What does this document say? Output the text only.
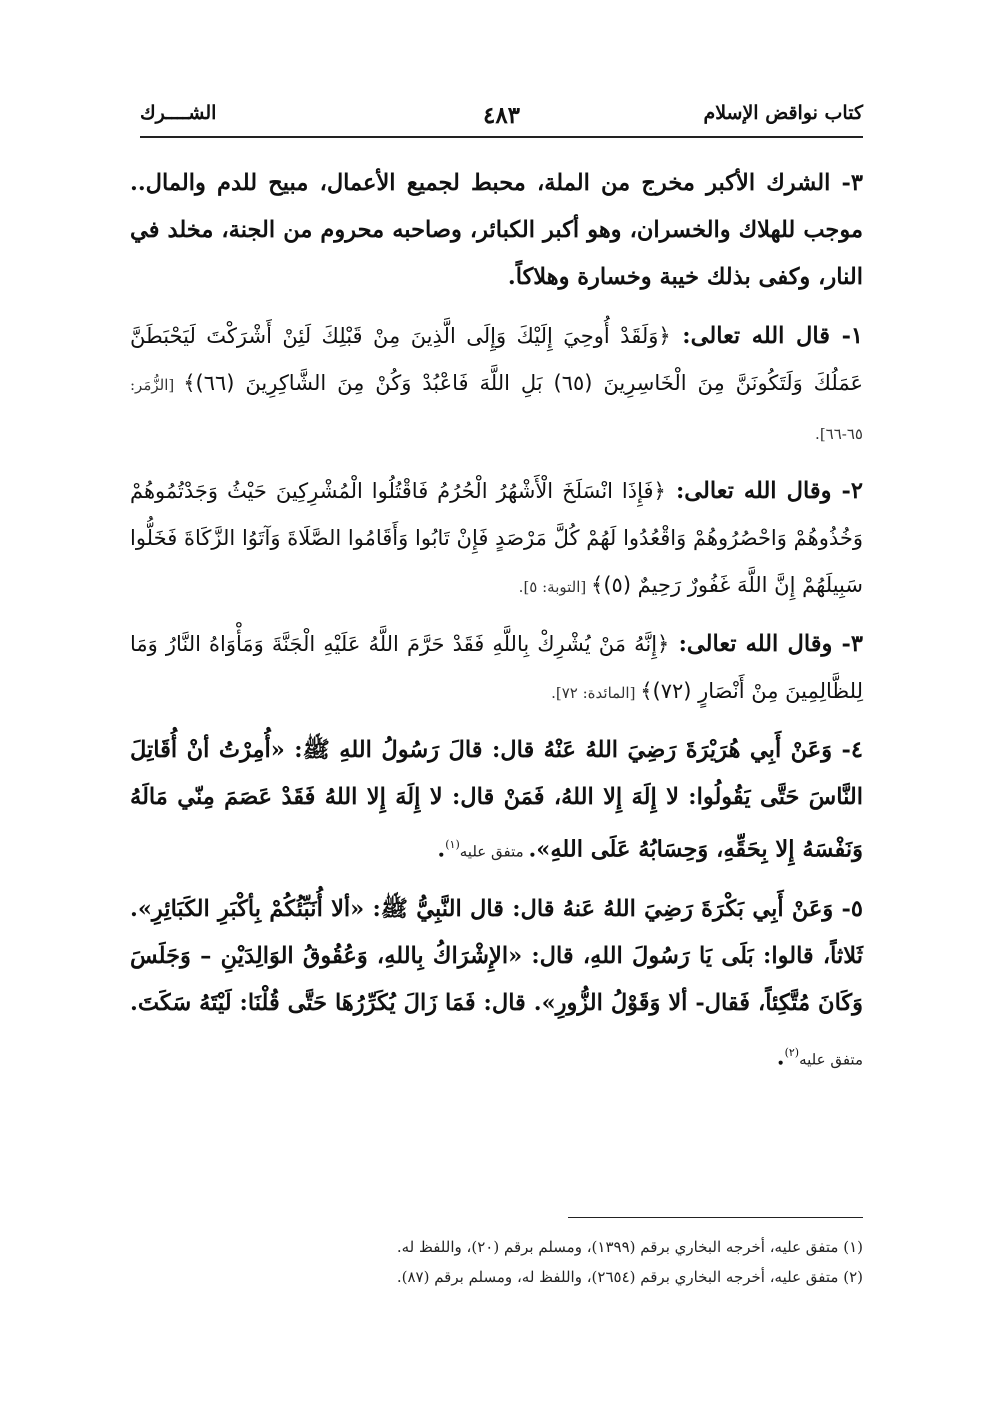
كتاب نواقض الإسلام
٤٨٣
الشــــرك

٣- الشرك الأكبر مخرج من الملة، محبط لجميع الأعمال، مبيح للدم والمال.. موجب للهلاك والخسران، وهو أكبر الكبائر، وصاحبه محروم من الجنة، مخلد في النار، وكفى بذلك خيبة وخسارة وهلاكاً.

١- قال الله تعالى: ﴿وَلَقَدْ أُوحِيَ إِلَيْكَ وَإِلَى الَّذِينَ مِنْ قَبْلِكَ لَئِنْ أَشْرَكْتَ لَيَحْبَطَنَّ عَمَلُكَ وَلَتَكُونَنَّ مِنَ الْخَاسِرِينَ (٦٥) بَلِ اللَّهَ فَاعْبُدْ وَكُنْ مِنَ الشَّاكِرِينَ (٦٦)﴾ [الزُّمَر: ٦٥-٦٦].

٢- وقال الله تعالى: ﴿فَإِذَا انْسَلَخَ الْأَشْهُرُ الْحُرُمُ فَاقْتُلُوا الْمُشْرِكِينَ حَيْثُ وَجَدْتُمُوهُمْ وَخُذُوهُمْ وَاحْصُرُوهُمْ وَاقْعُدُوا لَهُمْ كُلَّ مَرْصَدٍ فَإِنْ تَابُوا وَأَقَامُوا الصَّلَاةَ وَآتَوُا الزَّكَاةَ فَخَلُّوا سَبِيلَهُمْ إِنَّ اللَّهَ غَفُورٌ رَحِيمٌ (٥)﴾ [التوبة: ٥].

٣- وقال الله تعالى: ﴿إِنَّهُ مَنْ يُشْرِكْ بِاللَّهِ فَقَدْ حَرَّمَ اللَّهُ عَلَيْهِ الْجَنَّةَ وَمَأْوَاهُ النَّارُ وَمَا لِلظَّالِمِينَ مِنْ أَنْصَارٍ (٧٢)﴾ [المائدة: ٧٢].

٤- وَعَنْ أَبِي هُرَيْرَةَ رَضِيَ اللهُ عَنْهُ قال: قالَ رَسُولُ اللهِ ﷺ: «أُمِرْتُ أنْ أُقَاتِلَ النَّاسَ حَتَّى يَقُولُوا: لا إِلَهَ إِلا اللهُ، فَمَنْ قال: لا إِلَهَ إِلا اللهُ فَقَدْ عَصَمَ مِنّي مَالَهُ وَنَفْسَهُ إِلا بِحَقِّهِ، وَحِسَابُهُ عَلَى اللهِ». متفق عليه$^{(١)}$.

٥- وَعَنْ أَبِي بَكْرَةَ رَضِيَ اللهُ عَنهُ قال: قال النَّبِيُّ ﷺ: «ألا أُنَبِّئُكُمْ بِأكْبَرِ الكَبَائِرِ». ثَلاثاً، قالوا: بَلَى يَا رَسُولَ اللهِ، قال: «الإِشْرَاكُ بِاللهِ، وَعُقُوقُ الوَالِدَيْنِ – وَجَلَسَ وَكَانَ مُتَّكِئاً، فَقال- ألا وَقَوْلُ الزُّورِ». قال: فَمَا زَالَ يُكَرِّرُهَا حَتَّى قُلْنَا: لَيْتَهُ سَكَتَ. متفق عليه$^{(٢)}$.

(١) متفق عليه، أخرجه البخاري برقم (١٣٩٩)، ومسلم برقم (٢٠)، واللفظ له.
(٢) متفق عليه، أخرجه البخاري برقم (٢٦٥٤)، واللفظ له، ومسلم برقم (٨٧).
